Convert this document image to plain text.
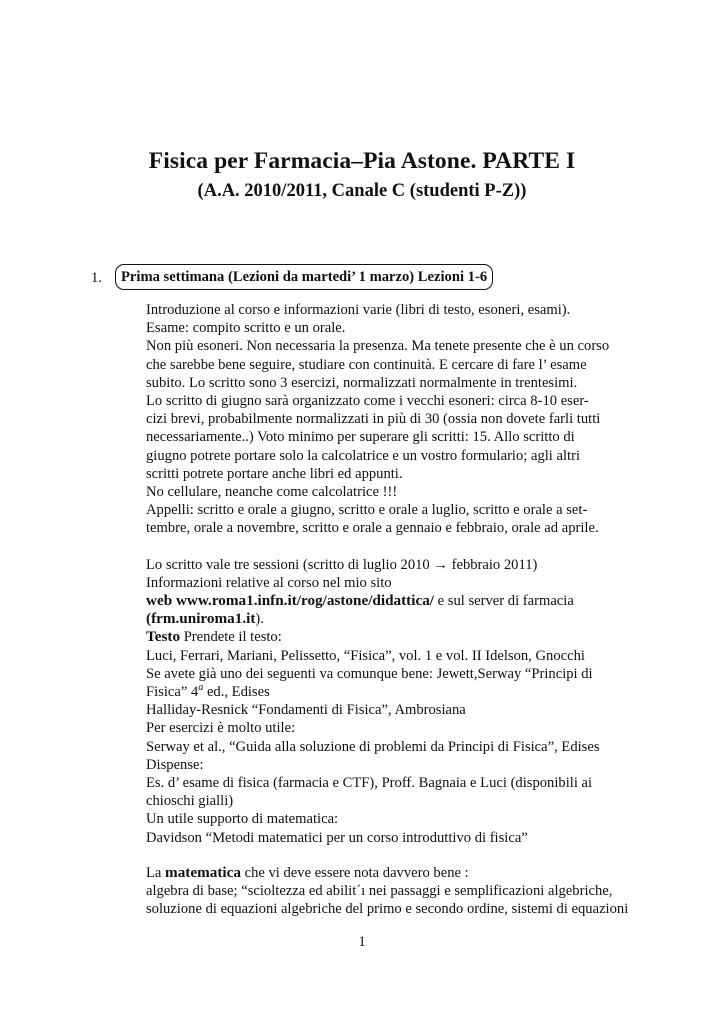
Fisica per Farmacia–Pia Astone. PARTE I
(A.A. 2010/2011, Canale C (studenti P-Z))
1.	Prima settimana (Lezioni da martedi’ 1 marzo) Lezioni 1-6

Introduzione al corso e informazioni varie (libri di testo, esoneri, esami).

Esame: compito scritto e un orale.

Non più esoneri. Non necessaria la presenza. Ma tenete presente che è un corso

che sarebbe bene seguire, studiare con continuità. E cercare di fare l’ esame

subito. Lo scritto sono 3 esercizi, normalizzati normalmente in trentesimi.

Lo scritto di giugno sarà organizzato come i vecchi esoneri: circa 8-10 eser-

cizi brevi, probabilmente normalizzati in più di 30 (ossia non dovete farli tutti

necessariamente..) Voto minimo per superare gli scritti: 15. Allo scritto di

giugno potrete portare solo la calcolatrice e un vostro formulario; agli altri

scritti potrete portare anche libri ed appunti.

No cellulare, neanche come calcolatrice !!!

Appelli: scritto e orale a giugno, scritto e orale a luglio, scritto e orale a set-

tembre, orale a novembre, scritto e orale a gennaio e febbraio, orale ad aprile.

Lo scritto vale tre sessioni (scritto di luglio 2010 → febbraio 2011)

Informazioni relative al corso nel mio sito

web www.roma1.infn.it/rog/astone/didattica/ e sul server di farmacia

(frm.uniroma1.it).

Testo Prendete il testo:

Luci, Ferrari, Mariani, Pelissetto, “Fisica”, vol. 1 e vol. II Idelson, Gnocchi

Se avete già uno dei seguenti va comunque bene: Jewett,Serway “Principi di

Fisica” 4$^a$ ed., Edises

Halliday-Resnick “Fondamenti di Fisica”, Ambrosiana

Per esercizi è molto utile:

Serway et al., “Guida alla soluzione di problemi da Principi di Fisica”, Edises

Dispense:

Es. d’ esame di fisica (farmacia e CTF), Proff. Bagnaia e Luci (disponibili ai

chioschi gialli)

Un utile supporto di matematica:

Davidson “Metodi matematici per un corso introduttivo di fisica”

La matematica che vi deve essere nota davvero bene :

algebra di base; “scioltezza ed abilit´ı nei passaggi e semplificazioni algebriche,

soluzione di equazioni algebriche del primo e secondo ordine, sistemi di equazioni

1
